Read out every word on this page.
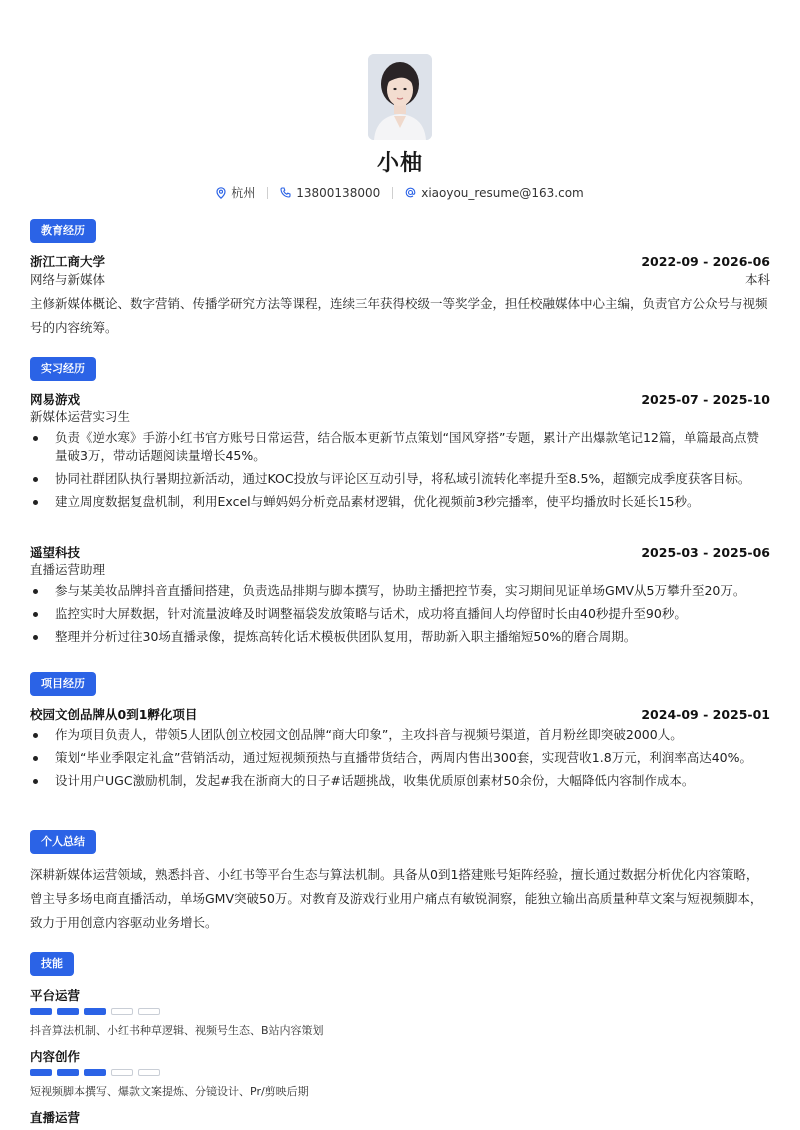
小柚
杭州	13800138000	xiaoyou_resume@163.com
教育经历
浙江工商大学	2022-09 - 2026-06
网络与新媒体	本科
主修新媒体概论、数字营销、传播学研究方法等课程，连续三年获得校级一等奖学金，担任校融媒体中心主编，负责官方公众号与视频号的内容统筹。
实习经历
网易游戏	2025-07 - 2025-10
新媒体运营实习生
负责《逆水寒》手游小红书官方账号日常运营，结合版本更新节点策划“国风穿搭”专题，累计产出爆款笔记12篇，单篇最高点赞量破3万，带动话题阅读量增长45%。
协同社群团队执行暑期拉新活动，通过KOC投放与评论区互动引导，将私域引流转化率提升至8.5%，超额完成季度获客目标。
建立周度数据复盘机制，利用Excel与蝉妈妈分析竞品素材逻辑，优化视频前3秒完播率，使平均播放时长延长15秒。
遥望科技	2025-03 - 2025-06
直播运营助理
参与某美妆品牌抖音直播间搭建，负责选品排期与脚本撰写，协助主播把控节奏，实习期间见证单场GMV从5万攀升至20万。
监控实时大屏数据，针对流量波峰及时调整福袋发放策略与话术，成功将直播间人均停留时长由40秒提升至90秒。
整理并分析过往30场直播录像，提炼高转化话术模板供团队复用，帮助新入职主播缩短50%的磨合周期。
项目经历
校园文创品牌从0到1孵化项目	2024-09 - 2025-01
作为项目负责人，带领5人团队创立校园文创品牌“商大印象”，主攻抖音与视频号渠道，首月粉丝即突破2000人。
策划“毕业季限定礼盒”营销活动，通过短视频预热与直播带货结合，两周内售出300套，实现营收1.8万元，利润率高达40%。
设计用户UGC激励机制，发起#我在浙商大的日子#话题挑战，收集优质原创素材50余份，大幅降低内容制作成本。
个人总结
深耕新媒体运营领域，熟悉抖音、小红书等平台生态与算法机制。具备从0到1搭建账号矩阵经验，擅长通过数据分析优化内容策略，曾主导多场电商直播活动，单场GMV突破50万。对教育及游戏行业用户痛点有敏锐洞察，能独立输出高质量种草文案与短视频脚本，致力于用创意内容驱动业务增长。
技能
平台运营
抖音算法机制、小红书种草逻辑、视频号生态、B站内容策划
内容创作
短视频脚本撰写、爆款文案提炼、分镜设计、Pr/剪映后期
直播运营
